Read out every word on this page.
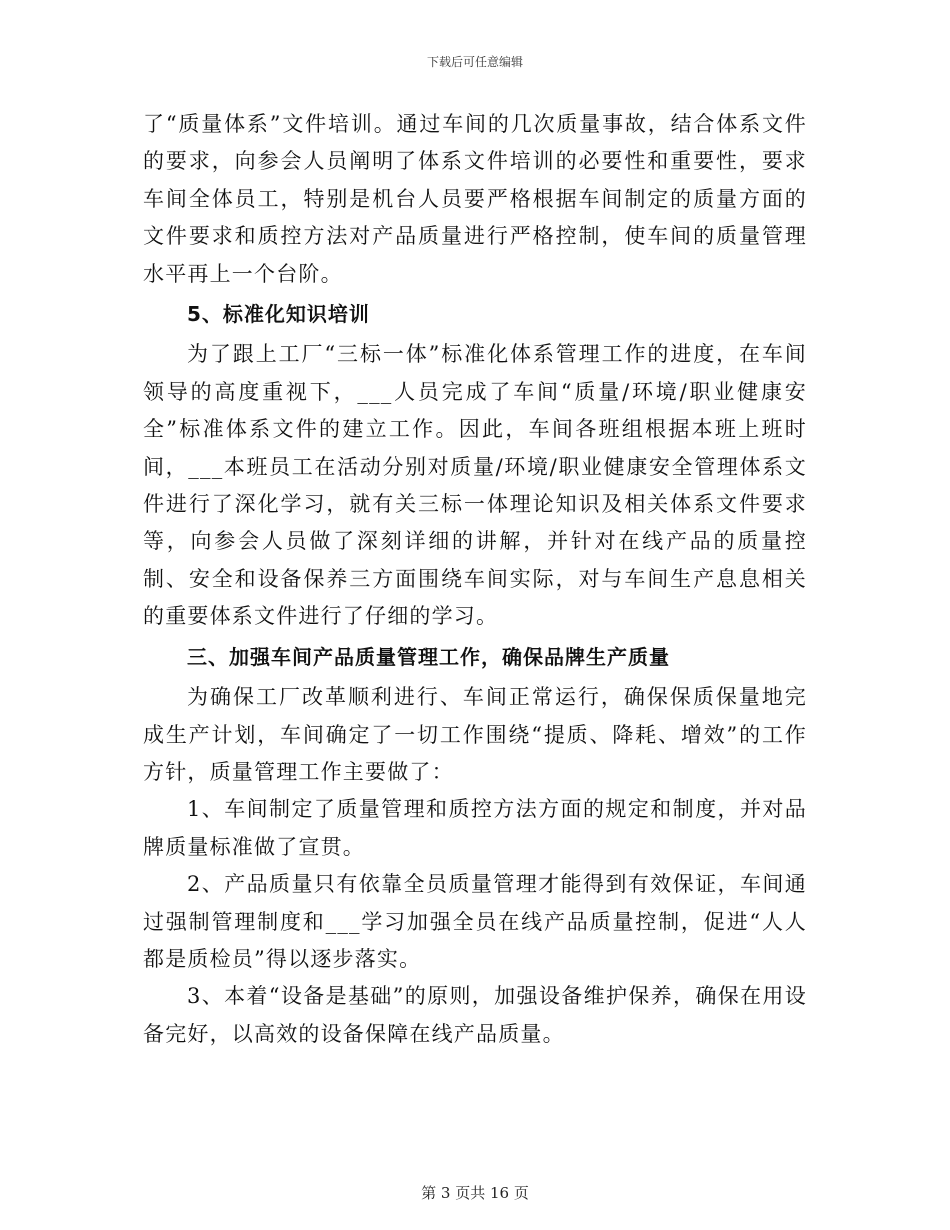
下载后可任意编辑

了“质量体系”文件培训。通过车间的几次质量事故，结合体系文件的要求，向参会人员阐明了体系文件培训的必要性和重要性，要求车间全体员工，特别是机台人员要严格根据车间制定的质量方面的文件要求和质控方法对产品质量进行严格控制，使车间的质量管理水平再上一个台阶。

5、标准化知识培训

为了跟上工厂“三标一体”标准化体系管理工作的进度，在车间领导的高度重视下，___人员完成了车间“质量/环境/职业健康安全”标准体系文件的建立工作。因此，车间各班组根据本班上班时间，___本班员工在活动分别对质量/环境/职业健康安全管理体系文件进行了深化学习，就有关三标一体理论知识及相关体系文件要求等，向参会人员做了深刻详细的讲解，并针对在线产品的质量控制、安全和设备保养三方面围绕车间实际，对与车间生产息息相关的重要体系文件进行了仔细的学习。

三、加强车间产品质量管理工作，确保品牌生产质量

为确保工厂改革顺利进行、车间正常运行，确保保质保量地完成生产计划，车间确定了一切工作围绕“提质、降耗、增效”的工作方针，质量管理工作主要做了：

1、车间制定了质量管理和质控方法方面的规定和制度，并对品牌质量标准做了宣贯。

2、产品质量只有依靠全员质量管理才能得到有效保证，车间通过强制管理制度和___学习加强全员在线产品质量控制，促进“人人都是质检员”得以逐步落实。

3、本着“设备是基础”的原则，加强设备维护保养，确保在用设备完好，以高效的设备保障在线产品质量。

第 3 页共 16 页
